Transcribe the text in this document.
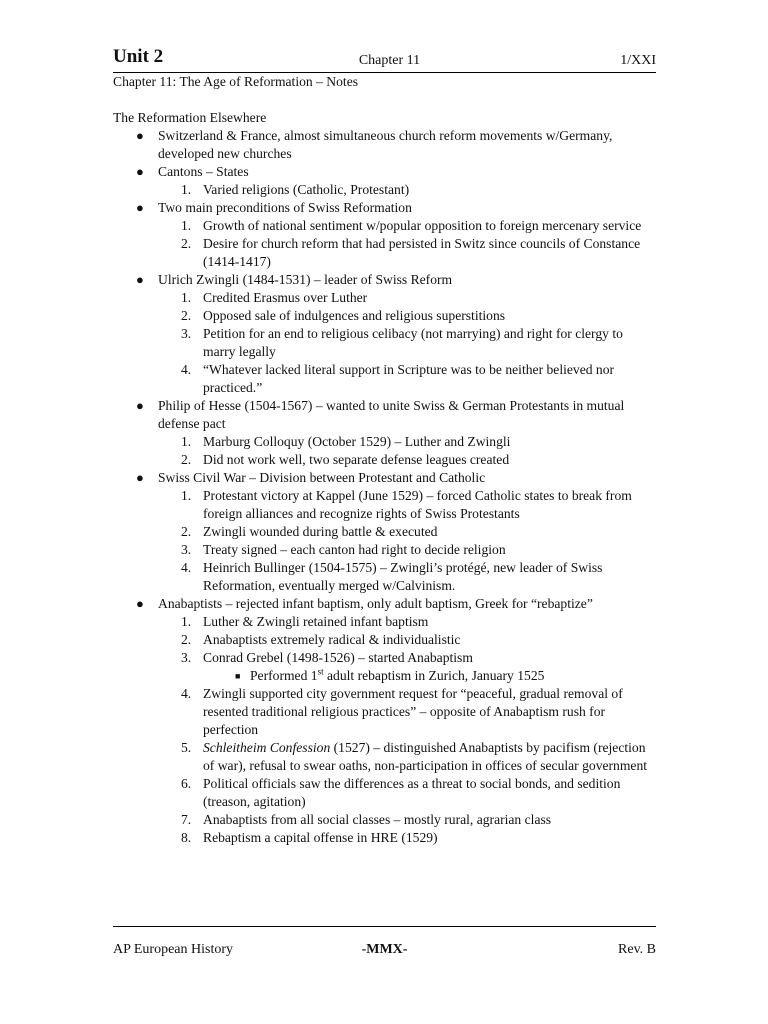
Unit 2	Chapter 11	1/XXI

Chapter 11: The Age of Reformation – Notes

The Reformation Elsewhere

● Switzerland & France, almost simultaneous church reform movements w/Germany, developed new churches
● Cantons – States
1. Varied religions (Catholic, Protestant)
● Two main preconditions of Swiss Reformation
1. Growth of national sentiment w/popular opposition to foreign mercenary service
2. Desire for church reform that had persisted in Switz since councils of Constance (1414-1417)
● Ulrich Zwingli (1484-1531) – leader of Swiss Reform
1. Credited Erasmus over Luther
2. Opposed sale of indulgences and religious superstitions
3. Petition for an end to religious celibacy (not marrying) and right for clergy to marry legally
4. “Whatever lacked literal support in Scripture was to be neither believed nor practiced.”
● Philip of Hesse (1504-1567) – wanted to unite Swiss & German Protestants in mutual defense pact
1. Marburg Colloquy (October 1529) – Luther and Zwingli
2. Did not work well, two separate defense leagues created
● Swiss Civil War – Division between Protestant and Catholic
1. Protestant victory at Kappel (June 1529) – forced Catholic states to break from foreign alliances and recognize rights of Swiss Protestants
2. Zwingli wounded during battle & executed
3. Treaty signed – each canton had right to decide religion
4. Heinrich Bullinger (1504-1575) – Zwingli’s protégé, new leader of Swiss Reformation, eventually merged w/Calvinism.
● Anabaptists – rejected infant baptism, only adult baptism, Greek for “rebaptize”
1. Luther & Zwingli retained infant baptism
2. Anabaptists extremely radical & individualistic
3. Conrad Grebel (1498-1526) – started Anabaptism
■ Performed 1st adult rebaptism in Zurich, January 1525
4. Zwingli supported city government request for “peaceful, gradual removal of resented traditional religious practices” – opposite of Anabaptism rush for perfection
5. Schleitheim Confession (1527) – distinguished Anabaptists by pacifism (rejection of war), refusal to swear oaths, non-participation in offices of secular government
6. Political officials saw the differences as a threat to social bonds, and sedition (treason, agitation)
7. Anabaptists from all social classes – mostly rural, agrarian class
8. Rebaptism a capital offense in HRE (1529)
AP European History	-MMX-	Rev. B
